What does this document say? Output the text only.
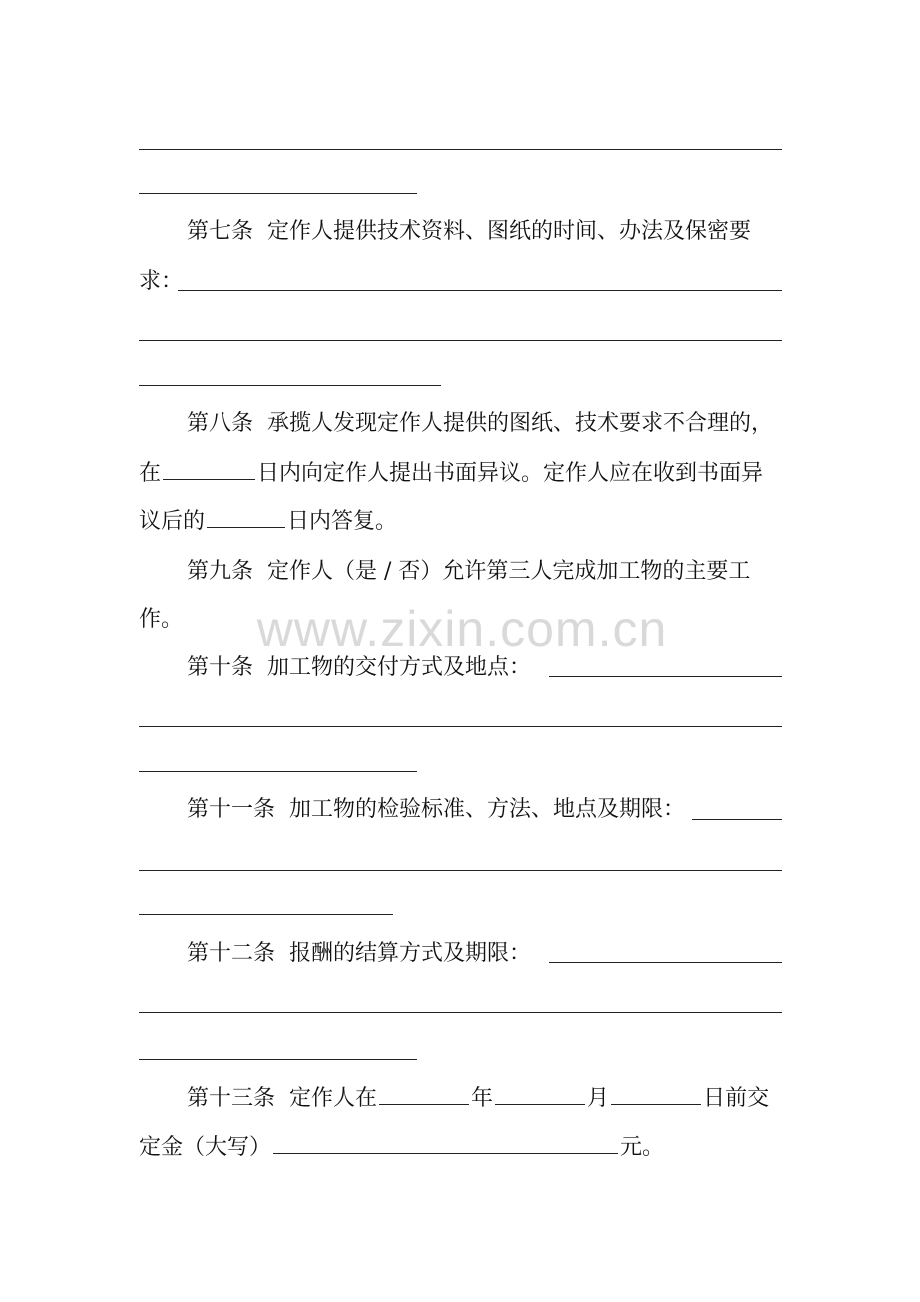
第七条 定作人提供技术资料、图纸的时间、办法及保密要
求：
第八条 承揽人发现定作人提供的图纸、技术要求不合理的，
在	日内向定作人提出书面异议。定作人应在收到书面异
议后的	日内答复。
第九条 定作人（是 / 否）允许第三人完成加工物的主要工
作。
第十条 加工物的交付方式及地点：
第十一条 加工物的检验标准、方法、地点及期限：
第十二条 报酬的结算方式及期限：
第十三条 定作人在	年	月	日前交
定金（大写）	元。
www.zixin.com.cn
